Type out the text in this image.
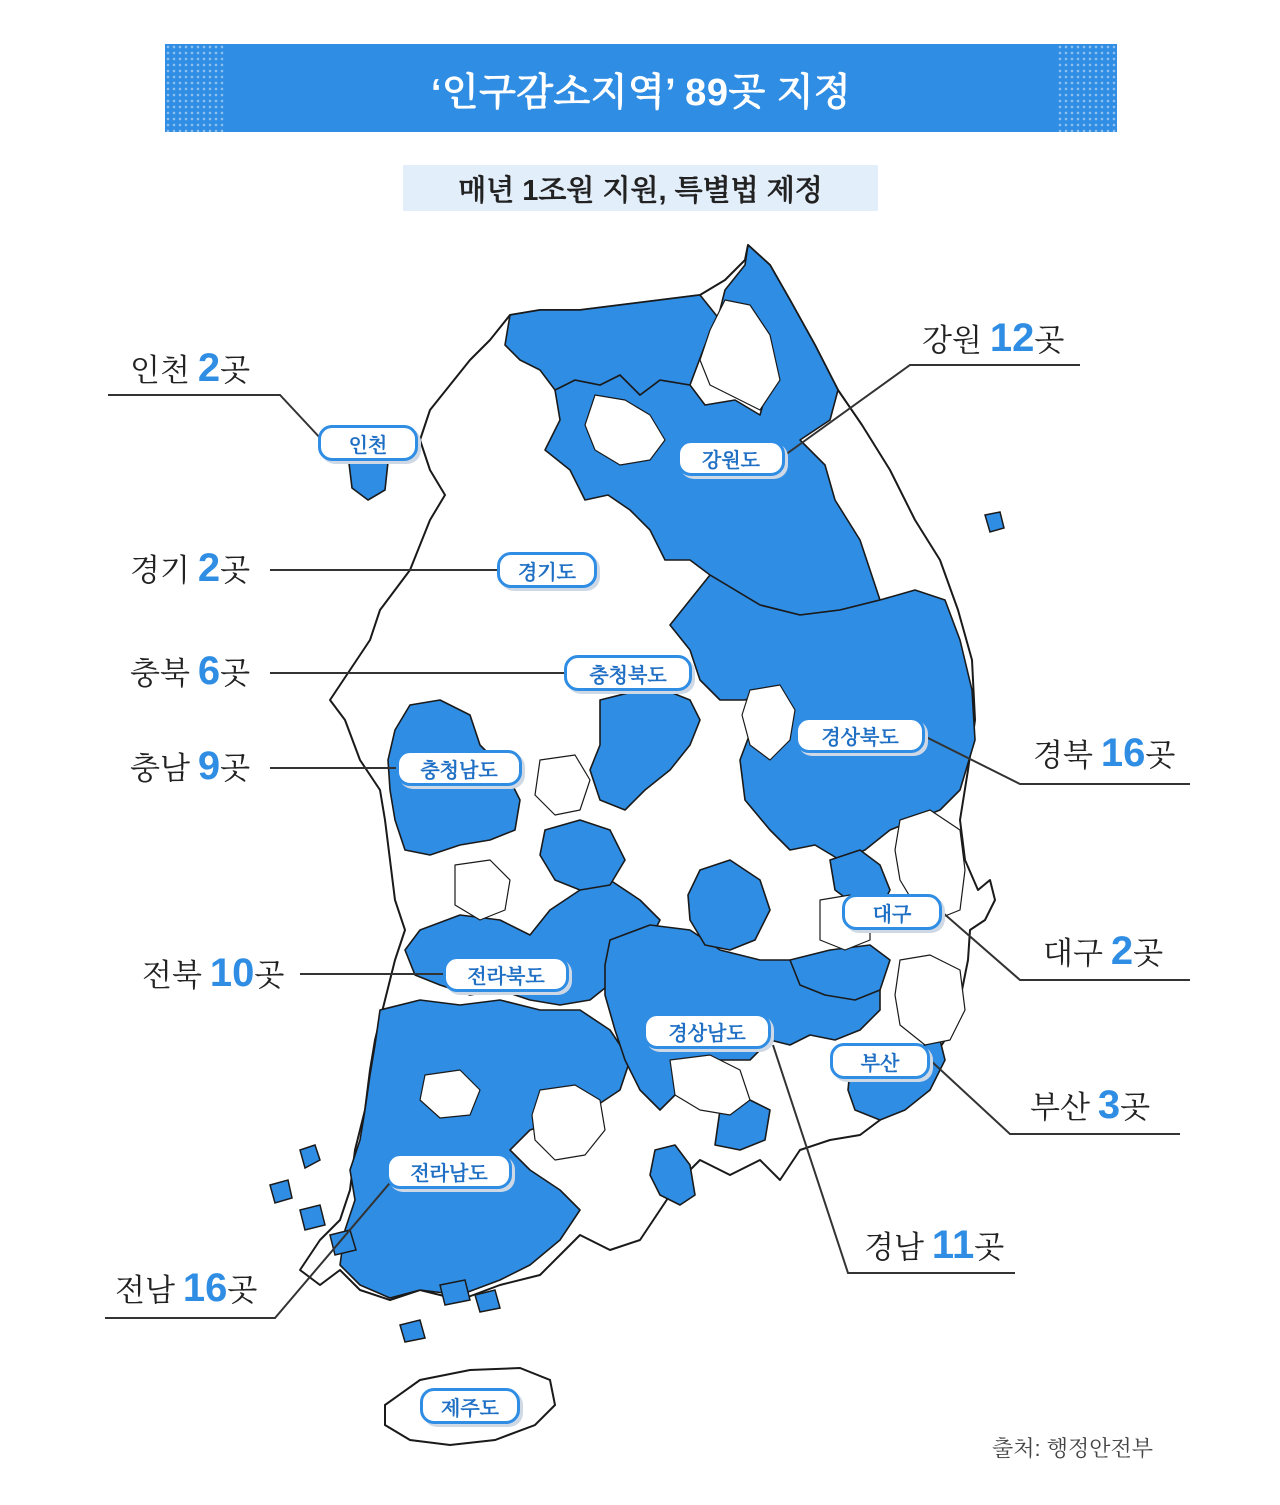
‘인구감소지역’ 89곳 지정
매년 1조원 지원, 특별법 제정
인천
강원도
경기도
충청북도
충청남도
경상북도
대구
전라북도
경상남도
부산
전라남도
제주도
인천 2 곳
강원 12 곳
경기 2 곳
충북 6 곳
충남 9 곳	경북 16 곳
대구 2 곳
전북 10 곳
부산 3 곳
경남 11 곳
전남 16 곳
출처: 행정안전부
